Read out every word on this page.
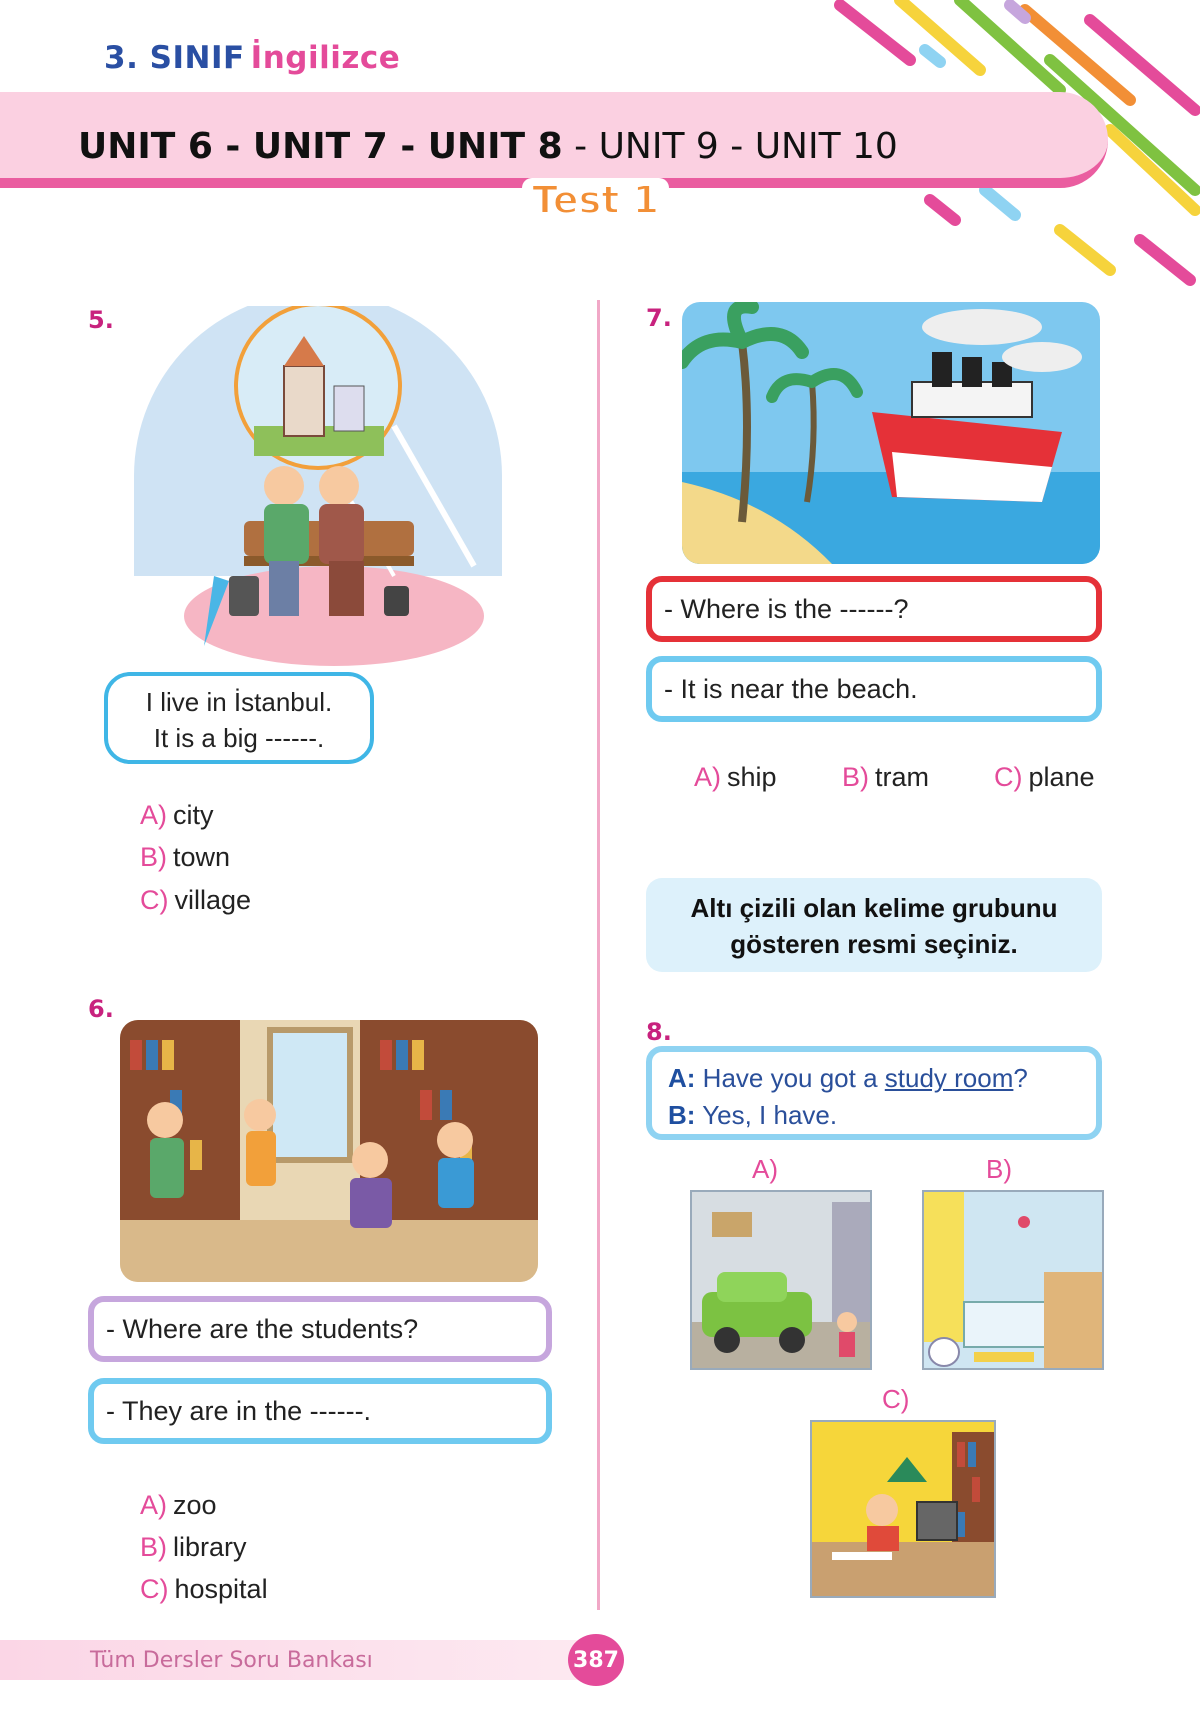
3. SINIF İngilizce
UNIT 6 - UNIT 7 - UNIT 8 - UNIT 9 - UNIT 10
Test 1
5.
I live in İstanbul.
It is a big ------.
A) city
B) town
C) village
6.
- Where are the students?
- They are in the ------.
A) zoo
B) library
C) hospital
7.
- Where is the ------?
- It is near the beach.
A) ship B) tram C) plane
Altı çizili olan kelime grubunu
gösteren resmi seçiniz.
8.
A: Have you got a study room?
B: Yes, I have.
A)	B)
C)
Tüm Dersler Soru Bankası	387
